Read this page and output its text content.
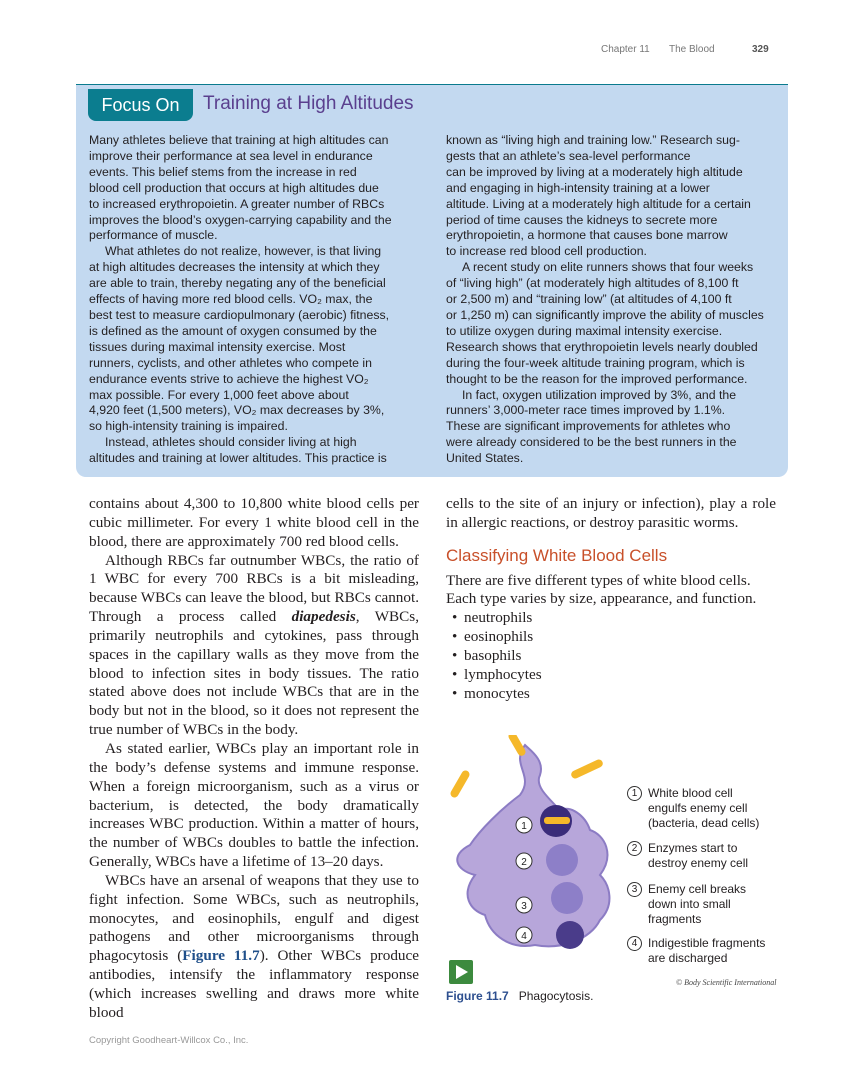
Chapter 11 The Blood	329
Focus On	Training at High Altitudes
Many athletes believe that training at high altitudes can
improve their performance at sea level in endurance
events. This belief stems from the increase in red
blood cell production that occurs at high altitudes due
to increased erythropoietin. A greater number of RBCs
improves the blood’s oxygen-carrying capability and the
performance of muscle.
What athletes do not realize, however, is that living
at high altitudes decreases the intensity at which they
are able to train, thereby negating any of the beneficial
effects of having more red blood cells. VO₂ max, the
best test to measure cardiopulmonary (aerobic) fitness,
is defined as the amount of oxygen consumed by the
tissues during maximal intensity exercise. Most
runners, cyclists, and other athletes who compete in
endurance events strive to achieve the highest VO₂
max possible. For every 1,000 feet above about
4,920 feet (1,500 meters), VO₂ max decreases by 3%,
so high-intensity training is impaired.
Instead, athletes should consider living at high
altitudes and training at lower altitudes. This practice is
known as “living high and training low.” Research sug-
gests that an athlete’s sea-level performance
can be improved by living at a moderately high altitude
and engaging in high-intensity training at a lower
altitude. Living at a moderately high altitude for a certain
period of time causes the kidneys to secrete more
erythropoietin, a hormone that causes bone marrow
to increase red blood cell production.
A recent study on elite runners shows that four weeks
of “living high” (at moderately high altitudes of 8,100 ft
or 2,500 m) and “training low” (at altitudes of 4,100 ft
or 1,250 m) can significantly improve the ability of muscles
to utilize oxygen during maximal intensity exercise.
Research shows that erythropoietin levels nearly doubled
during the four-week altitude training program, which is
thought to be the reason for the improved performance.
In fact, oxygen utilization improved by 3%, and the
runners’ 3,000-meter race times improved by 1.1%.
These are significant improvements for athletes who
were already considered to be the best runners in the
United States.

contains about 4,300 to 10,800 white blood cells per cubic millimeter. For every 1 white blood cell in the blood, there are approximately 700 red blood cells.

Although RBCs far outnumber WBCs, the ratio of 1 WBC for every 700 RBCs is a bit misleading, because WBCs can leave the blood, but RBCs cannot. Through a process called diapedesis, WBCs, primarily neutrophils and cytokines, pass through spaces in the capillary walls as they move from the blood to infection sites in body tissues. The ratio stated above does not include WBCs that are in the body but not in the blood, so it does not represent the true number of WBCs in the body.

As stated earlier, WBCs play an important role in the body’s defense systems and immune response. When a foreign microorganism, such as a virus or bacterium, is detected, the body dramatically increases WBC production. Within a matter of hours, the number of WBCs doubles to battle the infection. Generally, WBCs have a lifetime of 13–20 days.

WBCs have an arsenal of weapons that they use to fight infection. Some WBCs, such as neutrophils, monocytes, and eosinophils, engulf and digest pathogens and other microorganisms through phagocytosis (Figure 11.7). Other WBCs produce antibodies, intensify the inflammatory response (which increases swelling and draws more white blood

cells to the site of an injury or infection), play a role in allergic reactions, or destroy parasitic worms.

Classifying White Blood Cells

There are five different types of white blood cells. Each type varies by size, appearance, and function.

• neutrophils
• eosinophils
• basophils
• lymphocytes
• monocytes
1
2
3
4
1 White blood cell engulfs enemy cell (bacteria, dead cells)
2 Enzymes start to destroy enemy cell
3 Enemy cell breaks down into small fragments
4 Indigestible fragments are discharged
© Body Scientific International
Figure 11.7 Phagocytosis.
Copyright Goodheart-Willcox Co., Inc.
